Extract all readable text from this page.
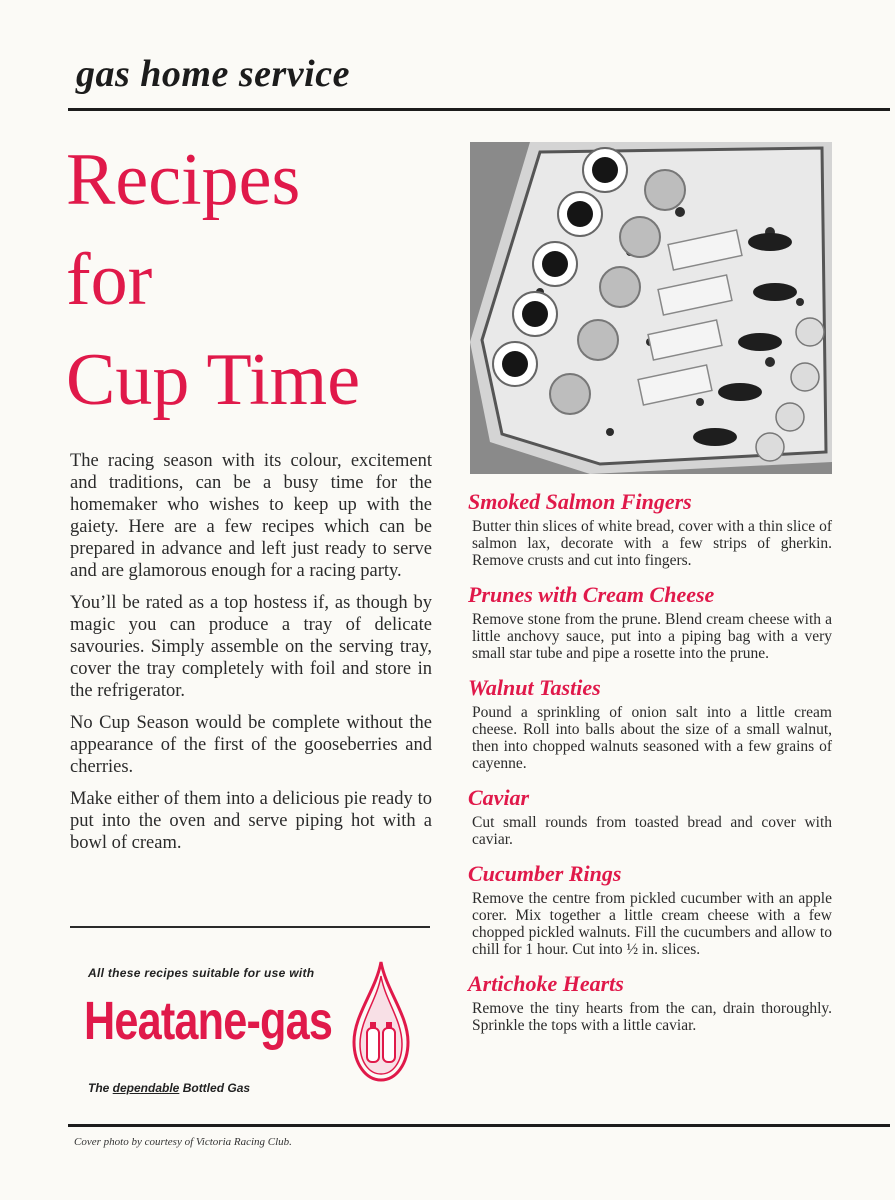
gas home service
Recipes
for
Cup Time

The racing season with its colour, excitement and traditions, can be a busy time for the homemaker who wishes to keep up with the gaiety. Here are a few recipes which can be prepared in advance and left just ready to serve and are glamorous enough for a racing party.

You’ll be rated as a top hostess if, as though by magic you can produce a tray of delicate savouries. Simply assemble on the serving tray, cover the tray completely with foil and store in the refrigerator.

No Cup Season would be complete without the appearance of the first of the gooseberries and cherries.

Make either of them into a delicious pie ready to put into the oven and serve piping hot with a bowl of cream.

All these recipes suitable for use with
Heatane-gas
The dependable Bottled Gas
Smoked Salmon Fingers

Butter thin slices of white bread, cover with a thin slice of salmon lax, decorate with a few strips of gherkin. Remove crusts and cut into fingers.

Prunes with Cream Cheese

Remove stone from the prune. Blend cream cheese with a little anchovy sauce, put into a piping bag with a very small star tube and pipe a rosette into the prune.

Walnut Tasties

Pound a sprinkling of onion salt into a little cream cheese. Roll into balls about the size of a small walnut, then into chopped walnuts seasoned with a few grains of cayenne.

Caviar

Cut small rounds from toasted bread and cover with caviar.

Cucumber Rings

Remove the centre from pickled cucumber with an apple corer. Mix together a little cream cheese with a few chopped pickled walnuts. Fill the cucumbers and allow to chill for 1 hour. Cut into ½ in. slices.

Artichoke Hearts

Remove the tiny hearts from the can, drain thoroughly. Sprinkle the tops with a little caviar.

Cover photo by courtesy of Victoria Racing Club.
